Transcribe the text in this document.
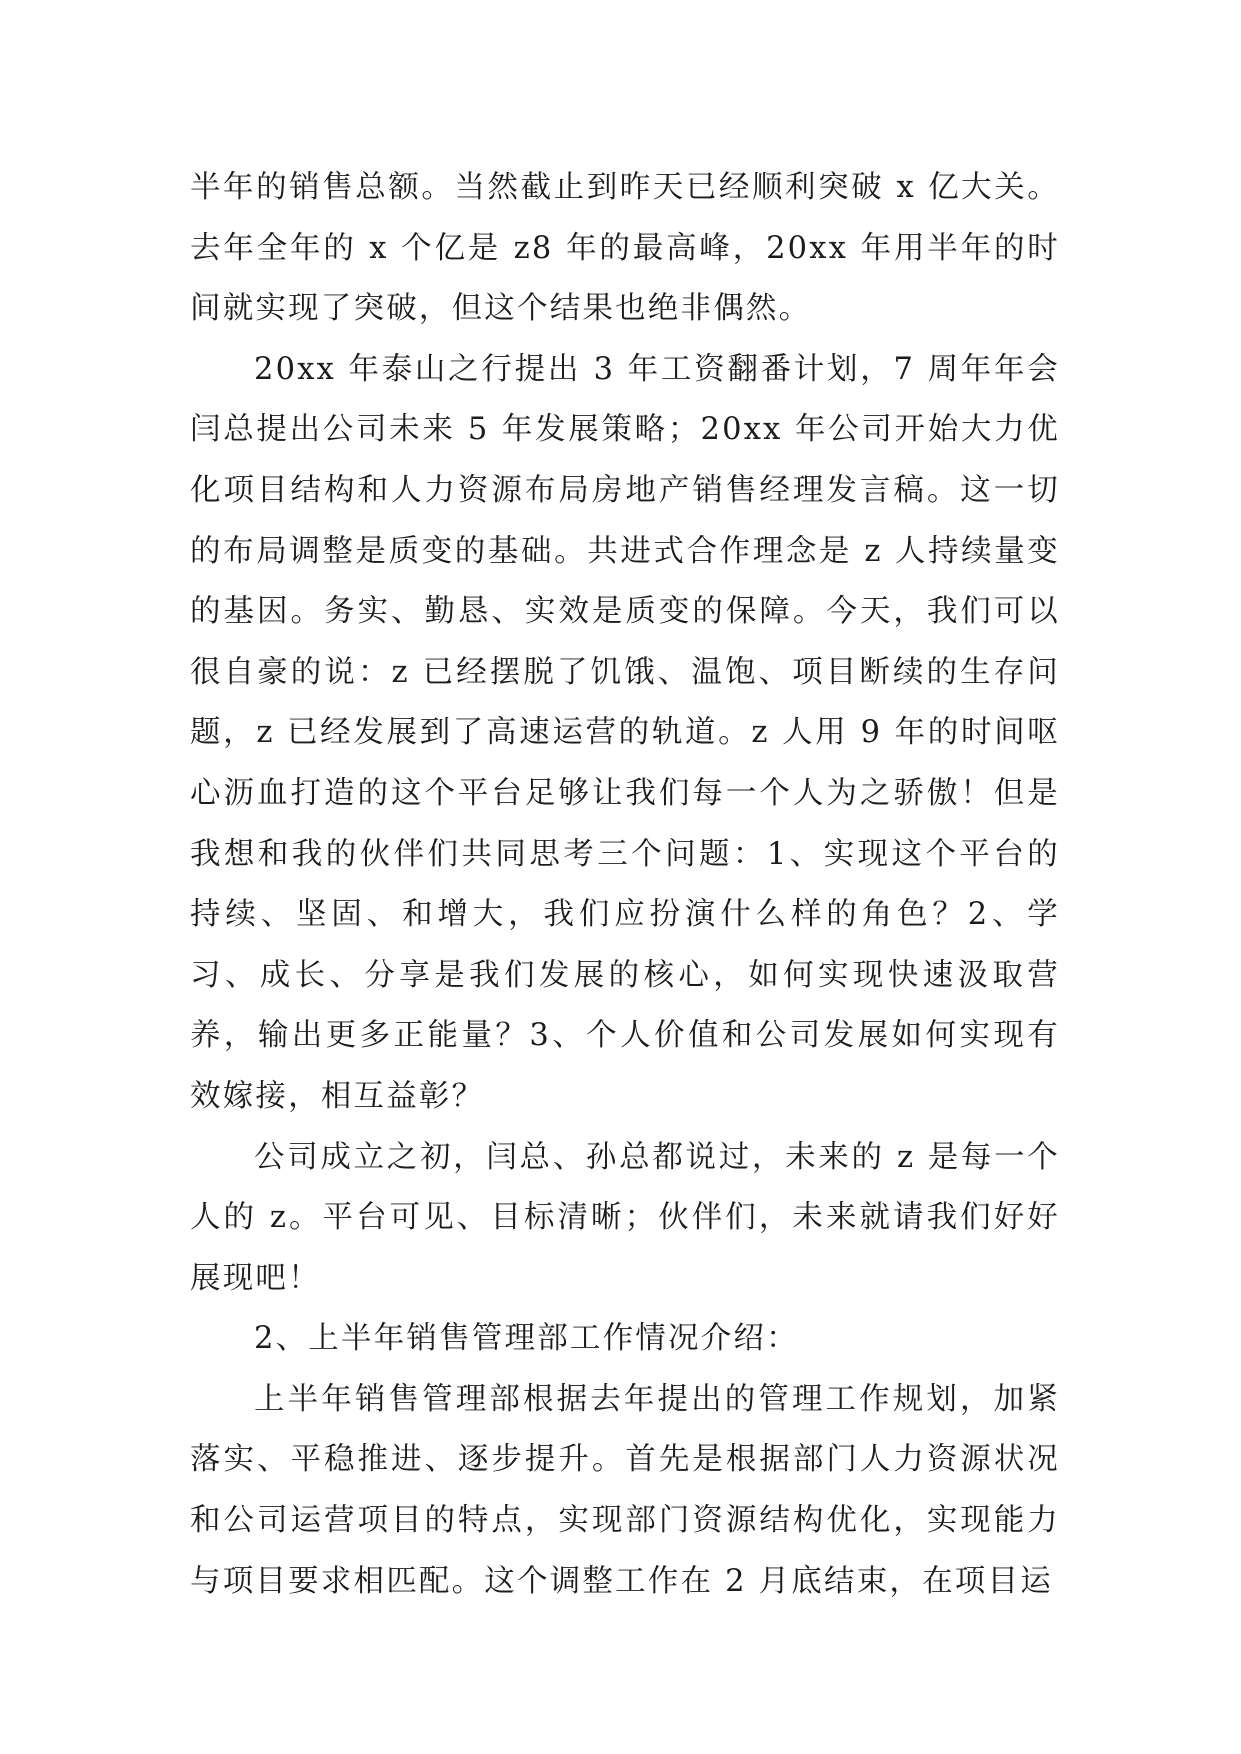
半年的销售总额。当然截止到昨天已经顺利突破 x 亿大关。去年全年的 x 个亿是 z8 年的最高峰，20xx 年用半年的时间就实现了突破，但这个结果也绝非偶然。

20xx 年泰山之行提出 3 年工资翻番计划，7 周年年会闫总提出公司未来 5 年发展策略；20xx 年公司开始大力优化项目结构和人力资源布局房地产销售经理发言稿。这一切的布局调整是质变的基础。共进式合作理念是 z 人持续量变的基因。务实、勤恳、实效是质变的保障。今天，我们可以很自豪的说：z 已经摆脱了饥饿、温饱、项目断续的生存问题，z 已经发展到了高速运营的轨道。z 人用 9 年的时间呕心沥血打造的这个平台足够让我们每一个人为之骄傲！但是我想和我的伙伴们共同思考三个问题：1、实现这个平台的持续、坚固、和增大，我们应扮演什么样的角色？2、学习、成长、分享是我们发展的核心，如何实现快速汲取营养，输出更多正能量？3、个人价值和公司发展如何实现有效嫁接，相互益彰？

公司成立之初，闫总、孙总都说过，未来的 z 是每一个人的 z。平台可见、目标清晰；伙伴们，未来就请我们好好展现吧！

2、上半年销售管理部工作情况介绍：

上半年销售管理部根据去年提出的管理工作规划，加紧落实、平稳推进、逐步提升。首先是根据部门人力资源状况和公司运营项目的特点，实现部门资源结构优化，实现能力与项目要求相匹配。这个调整工作在 2 月底结束，在项目运
